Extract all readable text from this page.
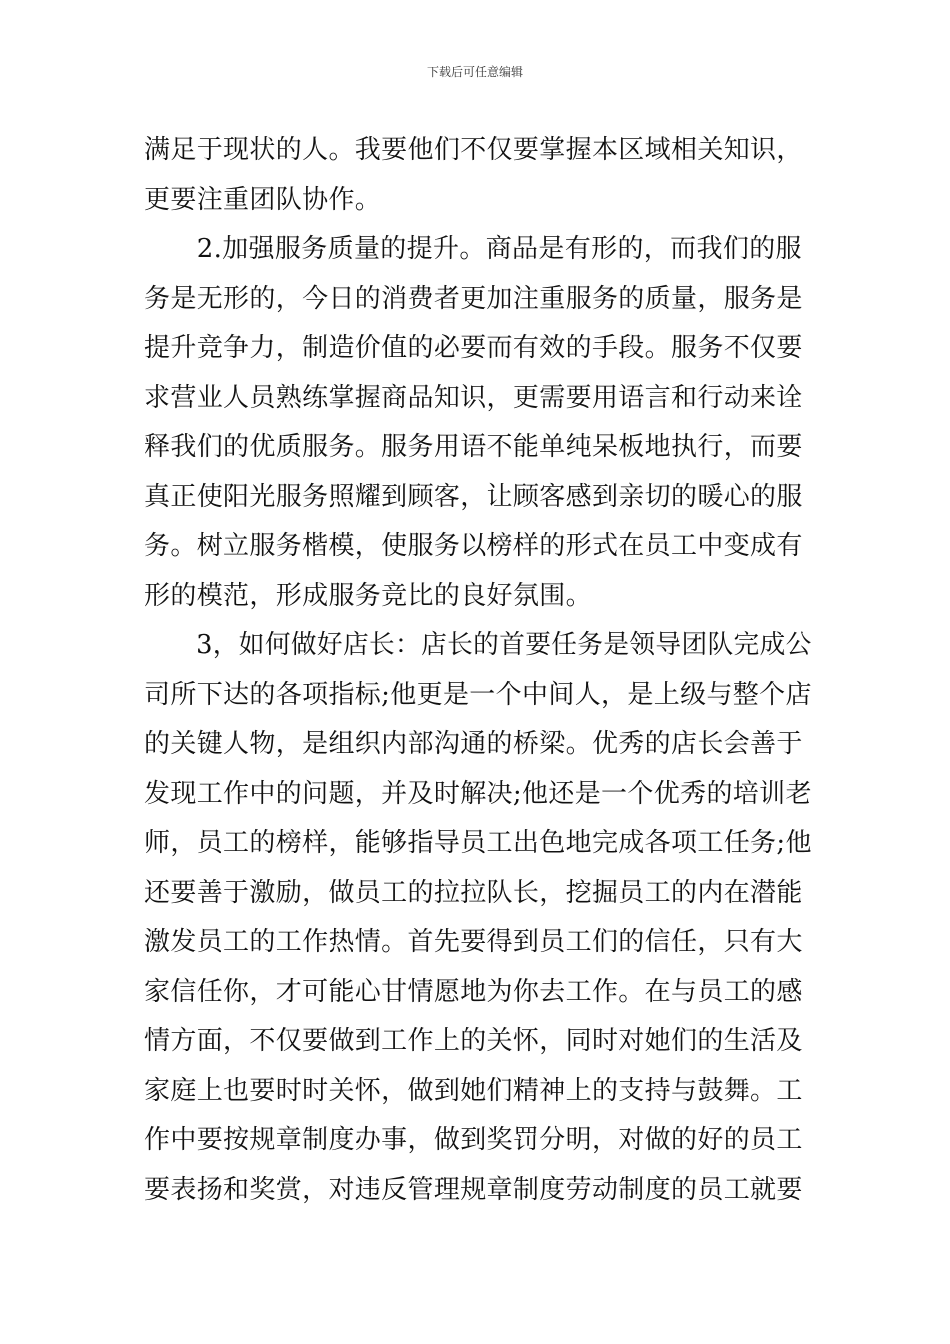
下载后可任意编辑
满足于现状的人。我要他们不仅要掌握本区域相关知识，
更要注重团队协作。
　　2.加强服务质量的提升。商品是有形的，而我们的服
务是无形的，今日的消费者更加注重服务的质量，服务是
提升竞争力，制造价值的必要而有效的手段。服务不仅要
求营业人员熟练掌握商品知识，更需要用语言和行动来诠
释我们的优质服务。服务用语不能单纯呆板地执行，而要
真正使阳光服务照耀到顾客，让顾客感到亲切的暖心的服
务。树立服务楷模，使服务以榜样的形式在员工中变成有
形的模范，形成服务竞比的良好氛围。
　　3，如何做好店长：店长的首要任务是领导团队完成公
司所下达的各项指标;他更是一个中间人，是上级与整个店
的关键人物，是组织内部沟通的桥梁。优秀的店长会善于
发现工作中的问题，并及时解决;他还是一个优秀的培训老
师，员工的榜样，能够指导员工出色地完成各项工任务;他
还要善于激励，做员工的拉拉队长，挖掘员工的内在潜能
激发员工的工作热情。首先要得到员工们的信任，只有大
家信任你，才可能心甘情愿地为你去工作。在与员工的感
情方面，不仅要做到工作上的关怀，同时对她们的生活及
家庭上也要时时关怀，做到她们精神上的支持与鼓舞。工
作中要按规章制度办事，做到奖罚分明，对做的好的员工
要表扬和奖赏，对违反管理规章制度劳动制度的员工就要
